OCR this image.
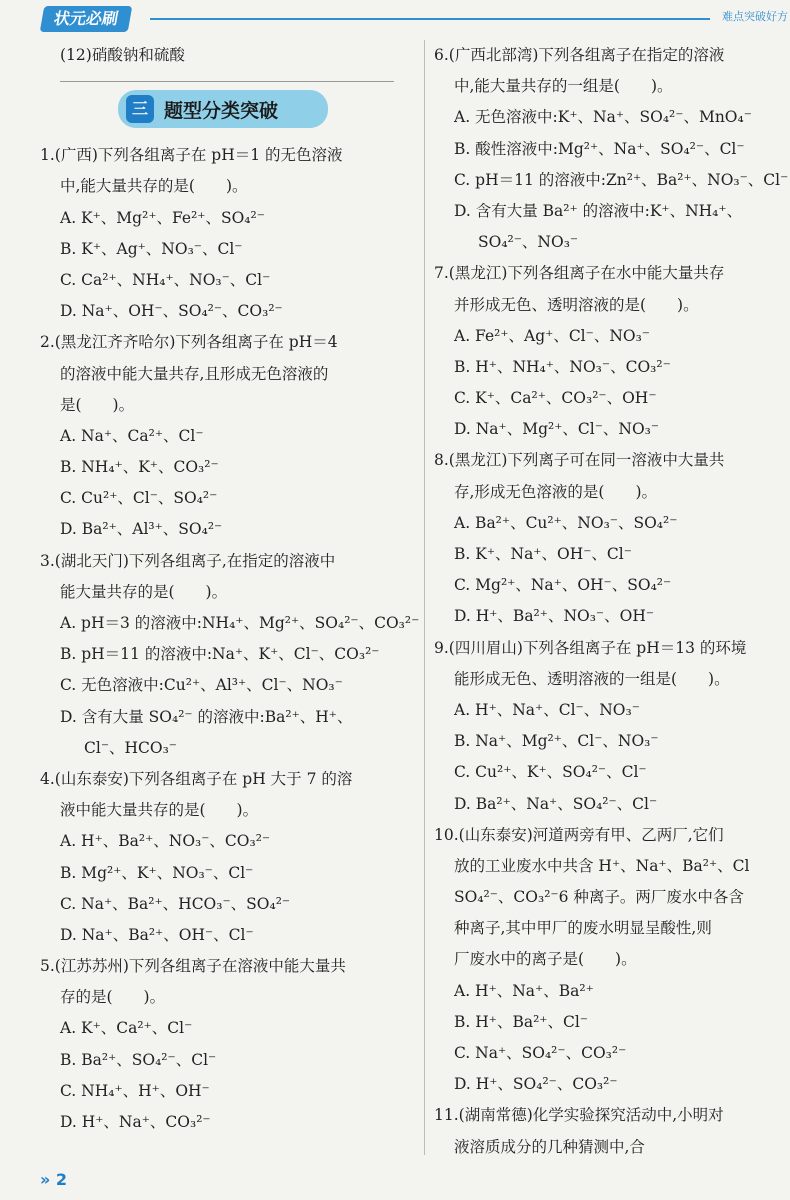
状元必刷	难点突破好方
(12)硝酸钠和硫酸
三 题型分类突破
1.(广西)下列各组离子在 pH＝1 的无色溶液
中,能大量共存的是(　　)。
A. K⁺、Mg²⁺、Fe²⁺、SO₄²⁻
B. K⁺、Ag⁺、NO₃⁻、Cl⁻
C. Ca²⁺、NH₄⁺、NO₃⁻、Cl⁻
D. Na⁺、OH⁻、SO₄²⁻、CO₃²⁻
2.(黑龙江齐齐哈尔)下列各组离子在 pH＝4
的溶液中能大量共存,且形成无色溶液的
是(　　)。
A. Na⁺、Ca²⁺、Cl⁻
B. NH₄⁺、K⁺、CO₃²⁻
C. Cu²⁺、Cl⁻、SO₄²⁻
D. Ba²⁺、Al³⁺、SO₄²⁻
3.(湖北天门)下列各组离子,在指定的溶液中
能大量共存的是(　　)。
A. pH＝3 的溶液中:NH₄⁺、Mg²⁺、SO₄²⁻、CO₃²⁻
B. pH＝11 的溶液中:Na⁺、K⁺、Cl⁻、CO₃²⁻
C. 无色溶液中:Cu²⁺、Al³⁺、Cl⁻、NO₃⁻
D. 含有大量 SO₄²⁻ 的溶液中:Ba²⁺、H⁺、
Cl⁻、HCO₃⁻
4.(山东泰安)下列各组离子在 pH 大于 7 的溶
液中能大量共存的是(　　)。
A. H⁺、Ba²⁺、NO₃⁻、CO₃²⁻
B. Mg²⁺、K⁺、NO₃⁻、Cl⁻
C. Na⁺、Ba²⁺、HCO₃⁻、SO₄²⁻
D. Na⁺、Ba²⁺、OH⁻、Cl⁻
5.(江苏苏州)下列各组离子在溶液中能大量共
存的是(　　)。
A. K⁺、Ca²⁺、Cl⁻
B. Ba²⁺、SO₄²⁻、Cl⁻
C. NH₄⁺、H⁺、OH⁻
D. H⁺、Na⁺、CO₃²⁻
6.(广西北部湾)下列各组离子在指定的溶液
中,能大量共存的一组是(　　)。
A. 无色溶液中:K⁺、Na⁺、SO₄²⁻、MnO₄⁻
B. 酸性溶液中:Mg²⁺、Na⁺、SO₄²⁻、Cl⁻
C. pH＝11 的溶液中:Zn²⁺、Ba²⁺、NO₃⁻、Cl⁻
D. 含有大量 Ba²⁺ 的溶液中:K⁺、NH₄⁺、
SO₄²⁻、NO₃⁻
7.(黑龙江)下列各组离子在水中能大量共存
并形成无色、透明溶液的是(　　)。
A. Fe²⁺、Ag⁺、Cl⁻、NO₃⁻
B. H⁺、NH₄⁺、NO₃⁻、CO₃²⁻
C. K⁺、Ca²⁺、CO₃²⁻、OH⁻
D. Na⁺、Mg²⁺、Cl⁻、NO₃⁻
8.(黑龙江)下列离子可在同一溶液中大量共
存,形成无色溶液的是(　　)。
A. Ba²⁺、Cu²⁺、NO₃⁻、SO₄²⁻
B. K⁺、Na⁺、OH⁻、Cl⁻
C. Mg²⁺、Na⁺、OH⁻、SO₄²⁻
D. H⁺、Ba²⁺、NO₃⁻、OH⁻
9.(四川眉山)下列各组离子在 pH＝13 的环境
能形成无色、透明溶液的一组是(　　)。
A. H⁺、Na⁺、Cl⁻、NO₃⁻
B. Na⁺、Mg²⁺、Cl⁻、NO₃⁻
C. Cu²⁺、K⁺、SO₄²⁻、Cl⁻
D. Ba²⁺、Na⁺、SO₄²⁻、Cl⁻
10.(山东泰安)河道两旁有甲、乙两厂,它们
放的工业废水中共含 H⁺、Na⁺、Ba²⁺、Cl
SO₄²⁻、CO₃²⁻6 种离子。两厂废水中各含
种离子,其中甲厂的废水明显呈酸性,则
厂废水中的离子是(　　)。
A. H⁺、Na⁺、Ba²⁺
B. H⁺、Ba²⁺、Cl⁻
C. Na⁺、SO₄²⁻、CO₃²⁻
D. H⁺、SO₄²⁻、CO₃²⁻
11.(湖南常德)化学实验探究活动中,小明对
液溶质成分的几种猜测中,合
» 2
